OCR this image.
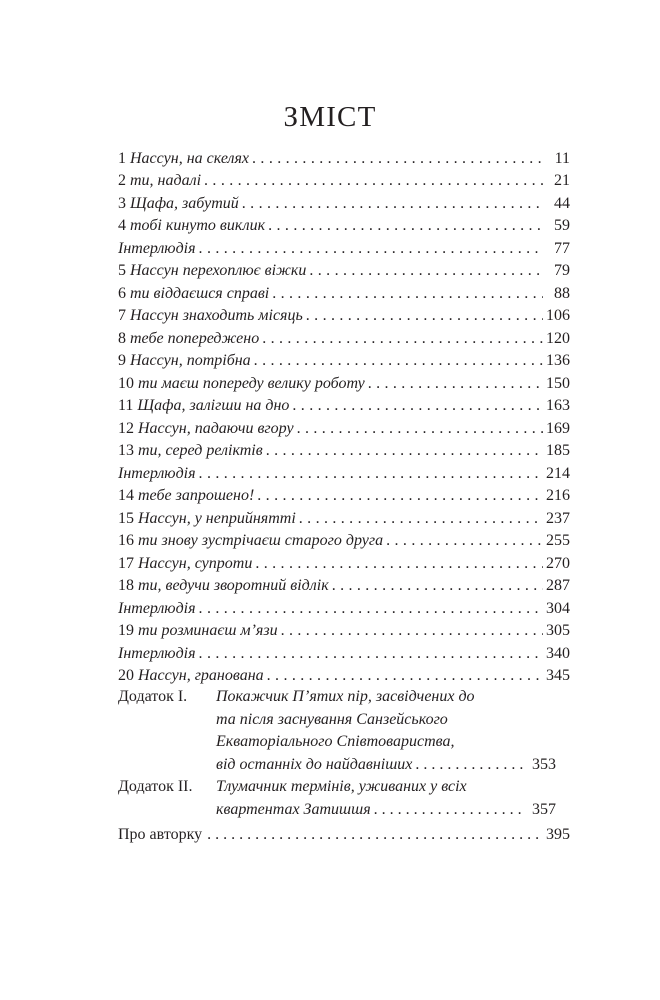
ЗМІСТ
1 Нассун, на скелях . . .	11
2 ти, надалі . . .	21
3 Щафа, забутий . . .	44
4 тобі кинуто виклик . . .	59
Інтерлюдія . . .	77
5 Нассун перехоплює віжки . . .	79
6 ти віддаєшся справі . . .	88
7 Нассун знаходить місяць . . .	106
8 тебе попереджено . . .	120
9 Нассун, потрібна . . .	136
10 ти маєш попереду велику роботу . . .	150
11 Щафа, залігши на дно . . .	163
12 Нассун, падаючи вгору . . .	169
13 ти, серед реліктів . . .	185
Інтерлюдія . . .	214
14 тебе запрошено! . . .	216
15 Нассун, у неприйнятті . . .	237
16 ти знову зустрічаєш старого друга . . .	255
17 Нассун, супроти . . .	270
18 ти, ведучи зворотний відлік . . .	287
Інтерлюдія . . .	304
19 ти розминаєш м’язи . . .	305
Інтерлюдія . . .	340
20 Нассун, гранована . . .	345
Додаток І.	Покажчик П’ятих пір, засвідчених до
та після заснування Санзейського
Екваторіального Співтовариства,
від останніх до найдавніших . . .	353
Додаток ІІ.	Тлумачник термінів, уживаних у всіх
квартентах Затишшя . . .	357
Про авторку . . .	395
